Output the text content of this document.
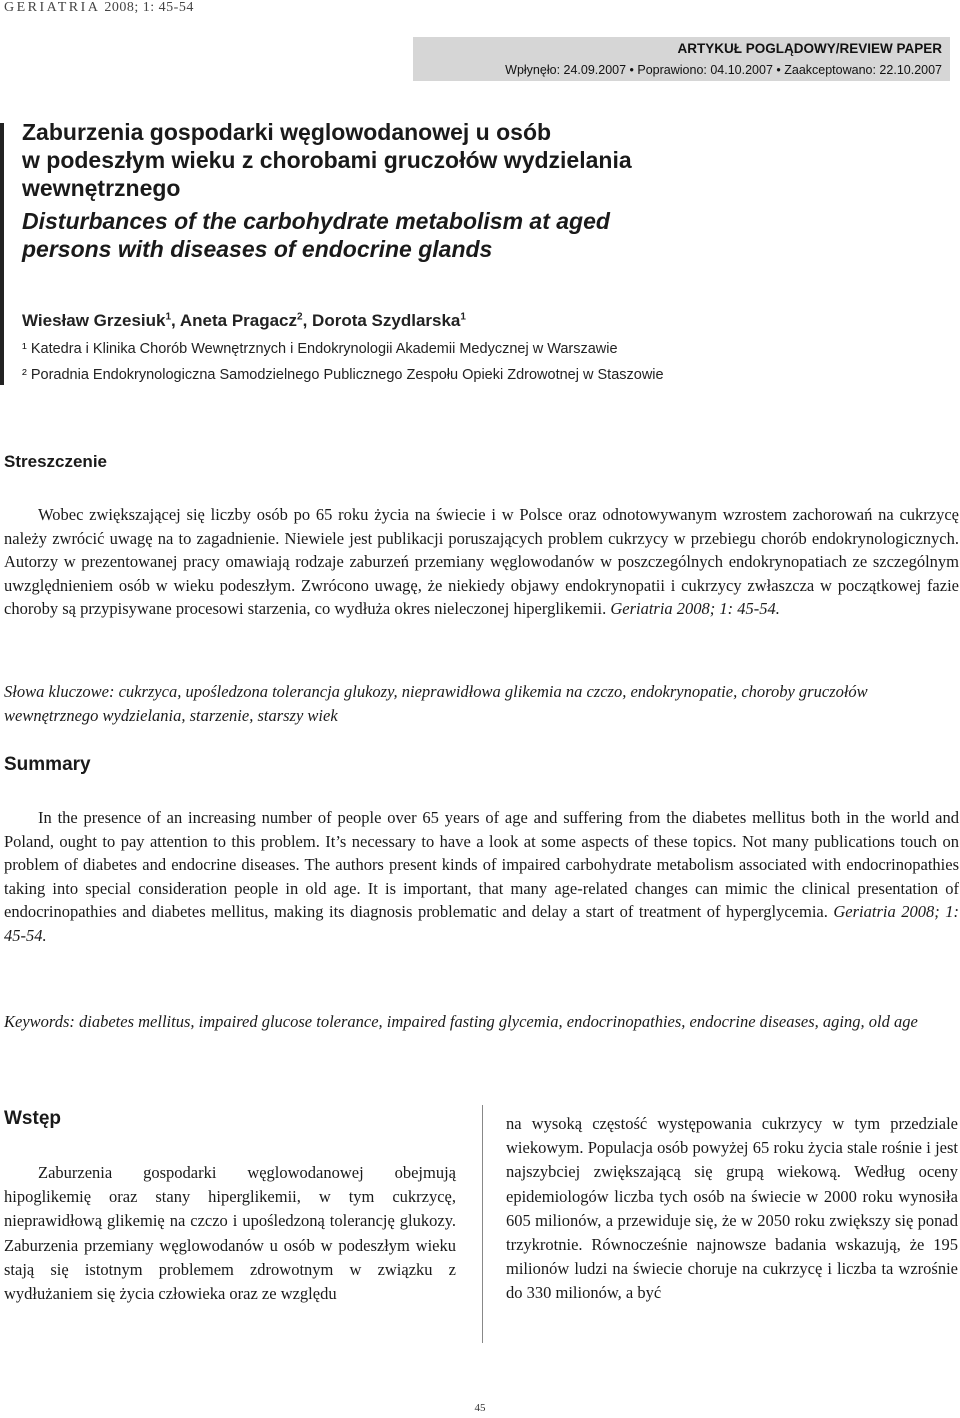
GERIATRIA 2008; 1: 45-54
ARTYKUŁ POGLĄDOWY/REVIEW PAPER
Wpłynęło: 24.09.2007 • Poprawiono: 04.10.2007 • Zaakceptowano: 22.10.2007
Zaburzenia gospodarki węglowodanowej u osób
w podeszłym wieku z chorobami gruczołów wydzielania
wewnętrznego
Disturbances of the carbohydrate metabolism at aged
persons with diseases of endocrine glands
Wiesław Grzesiuk$^1$, Aneta Pragacz$^2$, Dorota Szydlarska$^1$
¹ Katedra i Klinika Chorób Wewnętrznych i Endokrynologii Akademii Medycznej w Warszawie
² Poradnia Endokrynologiczna Samodzielnego Publicznego Zespołu Opieki Zdrowotnej w Staszowie
Streszczenie

Wobec zwiększającej się liczby osób po 65 roku życia na świecie i w Polsce oraz odnotowywanym wzrostem zachorowań na cukrzycę należy zwrócić uwagę na to zagadnienie. Niewiele jest publikacji poruszających problem cukrzycy w przebiegu chorób endokrynologicznych. Autorzy w prezentowanej pracy omawiają rodzaje zaburzeń przemiany węglowodanów w poszczególnych endokrynopatiach ze szczególnym uwzględnieniem osób w wieku podeszłym. Zwrócono uwagę, że niekiedy objawy endokrynopatii i cukrzycy zwłaszcza w początkowej fazie choroby są przypisywane procesowi starzenia, co wydłuża okres nieleczonej hiperglikemii. Geriatria 2008; 1: 45-54.

Słowa kluczowe: cukrzyca, upośledzona tolerancja glukozy, nieprawidłowa glikemia na czczo, endokrynopatie, choroby gruczołów wewnętrznego wydzielania, starzenie, starszy wiek

Summary

In the presence of an increasing number of people over 65 years of age and suffering from the diabetes mellitus both in the world and Poland, ought to pay attention to this problem. It’s necessary to have a look at some aspects of these topics. Not many publications touch on problem of diabetes and endocrine diseases. The authors present kinds of impaired carbohydrate metabolism associated with endocrinopathies taking into special consideration people in old age. It is important, that many age-related changes can mimic the clinical presentation of endocrinopathies and diabetes mellitus, making its diagnosis problematic and delay a start of treatment of hyperglycemia. Geriatria 2008; 1: 45-54.

Keywords: diabetes mellitus, impaired glucose tolerance, impaired fasting glycemia, endocrinopathies, endocrine diseases, aging, old age

Wstęp

Zaburzenia gospodarki węglowodanowej obejmują hipoglikemię oraz stany hiperglikemii, w tym cukrzycę, nieprawidłową glikemię na czczo i upośledzoną tolerancję glukozy. Zaburzenia przemiany węglowodanów u osób w podeszłym wieku stają się istotnym problemem zdrowotnym w związku z wydłużaniem się życia człowieka oraz ze względu

na wysoką częstość występowania cukrzycy w tym przedziale wiekowym. Populacja osób powyżej 65 roku życia stale rośnie i jest najszybciej zwiększającą się grupą wiekową. Według oceny epidemiologów liczba tych osób na świecie w 2000 roku wynosiła 605 milionów, a przewiduje się, że w 2050 roku zwiększy się ponad trzykrotnie. Równocześnie najnowsze badania wskazują, że 195 milionów ludzi na świecie choruje na cukrzycę i liczba ta wzrośnie do 330 milionów, a być

45
